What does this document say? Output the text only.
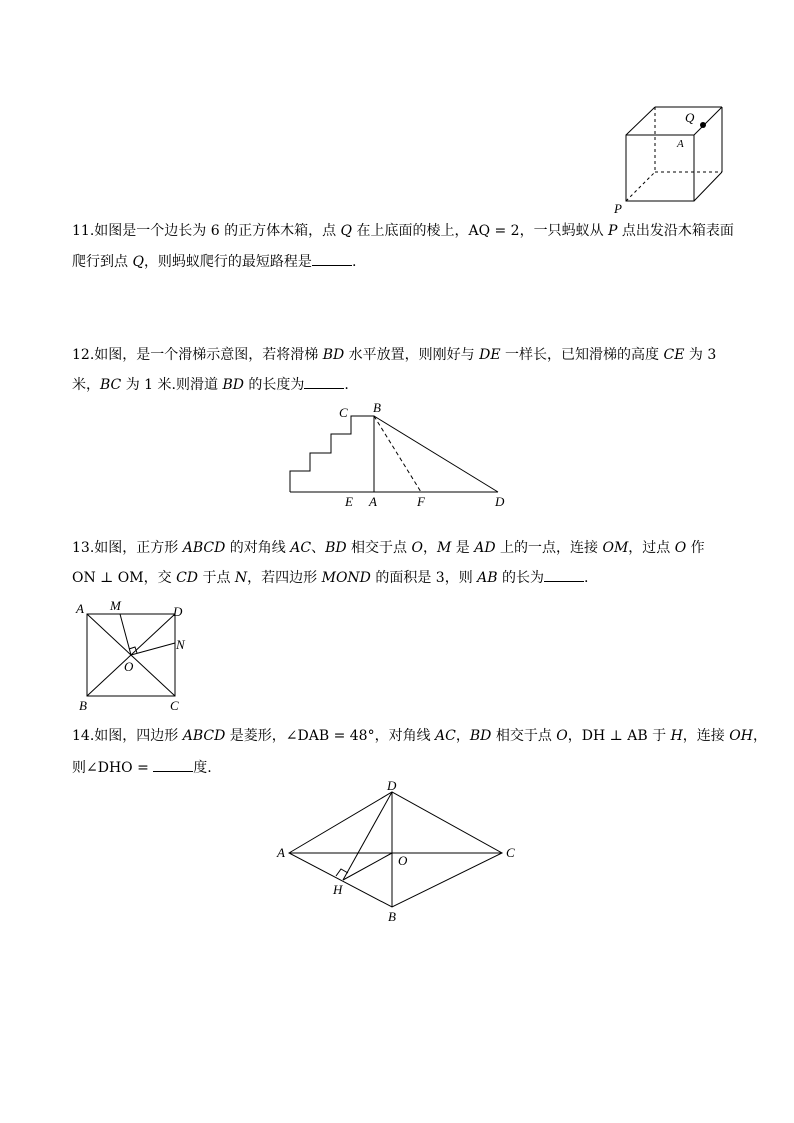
Q
A
P
11.如图是一个边长为 6 的正方体木箱，点 Q 在上底面的棱上，AQ = 2，一只蚂蚁从 P 点出发沿木箱表面
爬行到点 Q，则蚂蚁爬行的最短路程是	.
12.如图，是一个滑梯示意图，若将滑梯 BD 水平放置，则刚好与 DE 一样长，已知滑梯的高度 CE 为 3
米，BC 为 1 米.则滑道 BD 的长度为	.
C B
E A	F	D
13.如图，正方形 ABCD 的对角线 AC、BD 相交于点 O，M 是 AD 上的一点，连接 OM，过点 O 作
ON ⊥ OM，交 CD 于点 N，若四边形 MOND 的面积是 3，则 AB 的长为	.
A M	D
N
O
B	C
14.如图，四边形 ABCD 是菱形，∠DAB = 48°，对角线 AC，BD 相交于点 O，DH ⊥ AB 于 H，连接 OH，
则∠DHO =	度.
D
A
O
C
H
B
